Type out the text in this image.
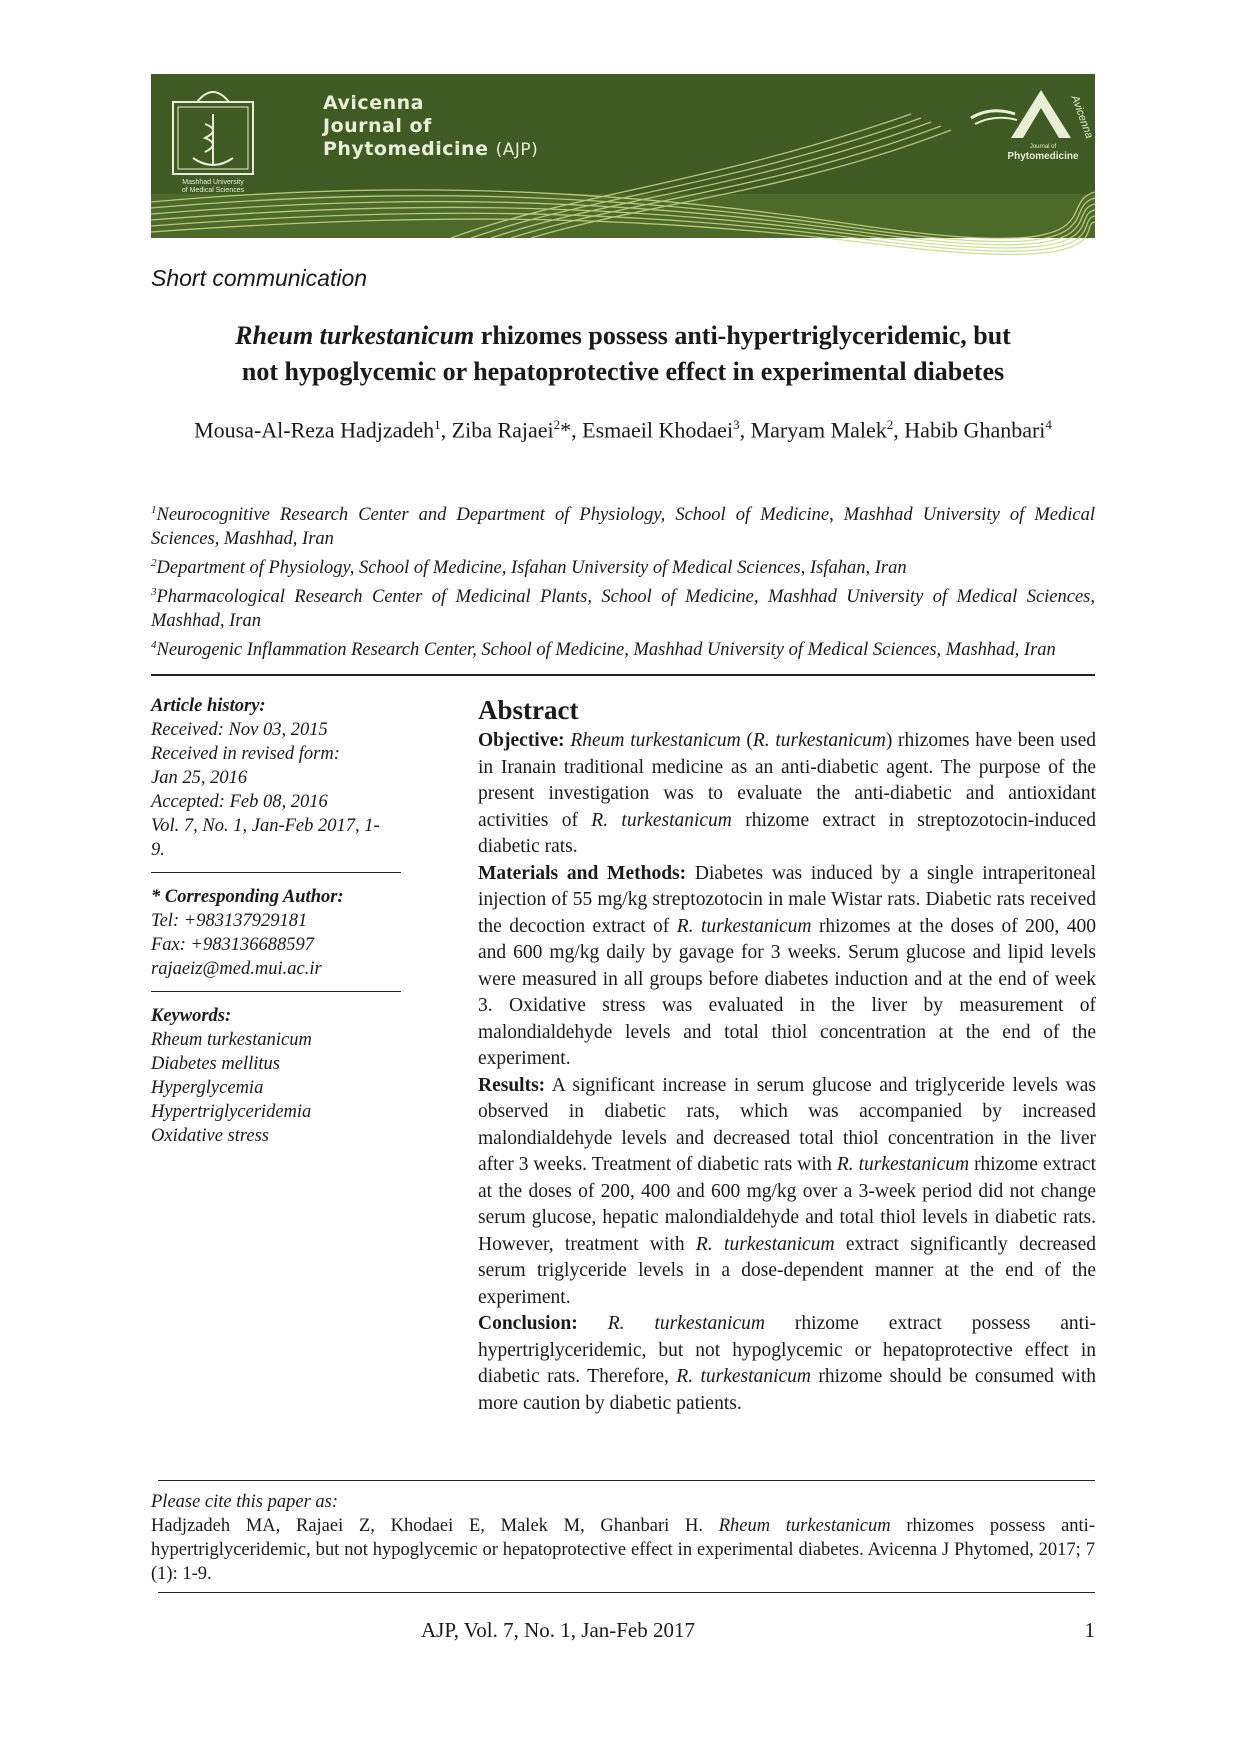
Mashhad University
of Medical Sciences
Avicenna
Journal of
Phytomedicine (AJP)
Avicenna
Journal of
Phytomedicine
Short communication
Rheum turkestanicum rhizomes possess anti-hypertriglyceridemic, but
not hypoglycemic or hepatoprotective effect in experimental diabetes
Mousa-Al-Reza Hadjzadeh$^1$, Ziba Rajaei$^2$*, Esmaeil Khodaei$^3$, Maryam Malek$^2$, Habib Ghanbari$^4$

$^1$Neurocognitive Research Center and Department of Physiology, School of Medicine, Mashhad University of Medical Sciences, Mashhad, Iran

$^2$Department of Physiology, School of Medicine, Isfahan University of Medical Sciences, Isfahan, Iran

$^3$Pharmacological Research Center of Medicinal Plants, School of Medicine, Mashhad University of Medical Sciences, Mashhad, Iran

$^4$Neurogenic Inflammation Research Center, School of Medicine, Mashhad University of Medical Sciences, Mashhad, Iran

Article history:
Received: Nov 03, 2015
Received in revised form:
Jan 25, 2016
Accepted: Feb 08, 2016
Vol. 7, No. 1, Jan-Feb 2017, 1-
9.
* Corresponding Author:
Tel: +983137929181
Fax: +983136688597
rajaeiz@med.mui.ac.ir
Keywords:
Rheum turkestanicum
Diabetes mellitus
Hyperglycemia
Hypertriglyceridemia
Oxidative stress
Abstract

Objective: Rheum turkestanicum (R. turkestanicum) rhizomes have been used in Iranain traditional medicine as an anti-diabetic agent. The purpose of the present investigation was to evaluate the anti-diabetic and antioxidant activities of R. turkestanicum rhizome extract in streptozotocin-induced diabetic rats.

Materials and Methods: Diabetes was induced by a single intraperitoneal injection of 55 mg/kg streptozotocin in male Wistar rats. Diabetic rats received the decoction extract of R. turkestanicum rhizomes at the doses of 200, 400 and 600 mg/kg daily by gavage for 3 weeks. Serum glucose and lipid levels were measured in all groups before diabetes induction and at the end of week 3. Oxidative stress was evaluated in the liver by measurement of malondialdehyde levels and total thiol concentration at the end of the experiment.

Results: A significant increase in serum glucose and triglyceride levels was observed in diabetic rats, which was accompanied by increased malondialdehyde levels and decreased total thiol concentration in the liver after 3 weeks. Treatment of diabetic rats with R. turkestanicum rhizome extract at the doses of 200, 400 and 600 mg/kg over a 3-week period did not change serum glucose, hepatic malondialdehyde and total thiol levels in diabetic rats. However, treatment with R. turkestanicum extract significantly decreased serum triglyceride levels in a dose-dependent manner at the end of the experiment.

Conclusion: R. turkestanicum rhizome extract possess anti-hypertriglyceridemic, but not hypoglycemic or hepatoprotective effect in diabetic rats. Therefore, R. turkestanicum rhizome should be consumed with more caution by diabetic patients.

Please cite this paper as:

Hadjzadeh MA, Rajaei Z, Khodaei E, Malek M, Ghanbari H. Rheum turkestanicum rhizomes possess anti-hypertriglyceridemic, but not hypoglycemic or hepatoprotective effect in experimental diabetes. Avicenna J Phytomed, 2017; 7 (1): 1-9.

AJP, Vol. 7, No. 1, Jan-Feb 2017	1
